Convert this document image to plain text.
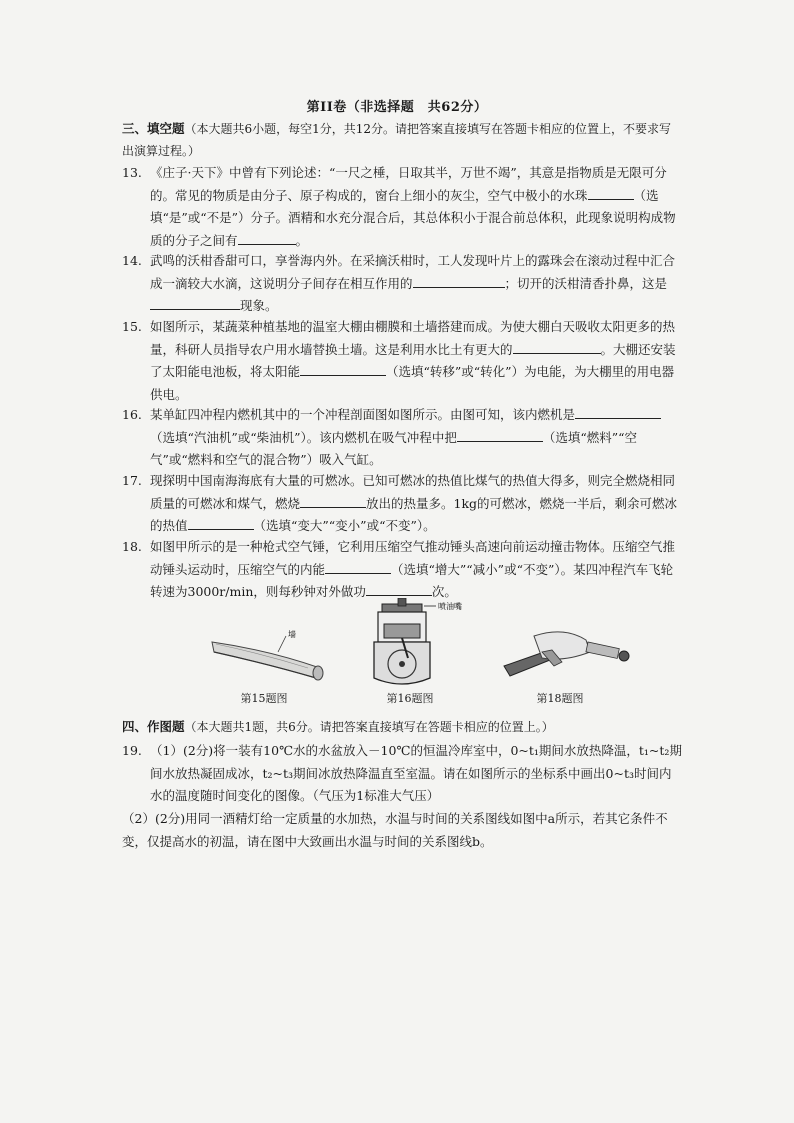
第II卷（非选择题　共62分）
三、填空题（本大题共6小题，每空1分，共12分。请把答案直接填写在答题卡相应的位置上，不要求写出演算过程。）
13. 《庄子·天下》中曾有下列论述：“一尺之棰，日取其半，万世不竭”，其意是指物质是无限可分的。常见的物质是由分子、原子构成的，窗台上细小的灰尘，空气中极小的水珠	（选填“是”或“不是”）分子。酒精和水充分混合后，其总体积小于混合前总体积，此现象说明构成物质的分子之间有	。
14. 武鸣的沃柑香甜可口，享誉海内外。在采摘沃柑时，工人发现叶片上的露珠会在滚动过程中汇合成一滴较大水滴，这说明分子间存在相互作用的	；切开的沃柑清香扑鼻，这是现象。
15. 如图所示，某蔬菜种植基地的温室大棚由棚膜和土墙搭建而成。为使大棚白天吸收太阳更多的热量，科研人员指导农户用水墙替换土墙。这是利用水比土有更大的	。大棚还安装了太阳能电池板，将太阳能	（选填“转移”或“转化”）为电能，为大棚里的用电器供电。
16. 某单缸四冲程内燃机其中的一个冲程剖面图如图所示。由图可知，该内燃机是（选填“汽油机”或“柴油机”）。该内燃机在吸气冲程中把	（选填“燃料”“空气”或“燃料和空气的混合物”）吸入气缸。
17. 现探明中国南海海底有大量的可燃冰。已知可燃冰的热值比煤气的热值大得多，则完全燃烧相同质量的可燃冰和煤气，燃烧	放出的热量多。1kg的可燃冰，燃烧一半后，剩余可燃冰的热值	（选填“变大”“变小”或“不变”）。
18. 如图甲所示的是一种枪式空气锤，它利用压缩空气推动锤头高速向前运动撞击物体。压缩空气推动锤头运动时，压缩空气的内能	（选填“增大”“减小”或“不变”）。某四冲程汽车飞轮转速为3000r/min，则每秒钟对外做功	次。
墙
第15题图
喷油嘴
第16题图	第18题图
四、作图题（本大题共1题，共6分。请把答案直接填写在答题卡相应的位置上。）
19. （1）(2分)将一装有10℃水的水盆放入－10℃的恒温冷库室中，0~t₁期间水放热降温，t₁~t₂期间水放热凝固成冰，t₂~t₃期间冰放热降温直至室温。请在如图所示的坐标系中画出0~t₃时间内水的温度随时间变化的图像。（气压为1标准大气压）
（2）(2分)用同一酒精灯给一定质量的水加热，水温与时间的关系图线如图中a所示，若其它条件不变，仅提高水的初温，请在图中大致画出水温与时间的关系图线b。
